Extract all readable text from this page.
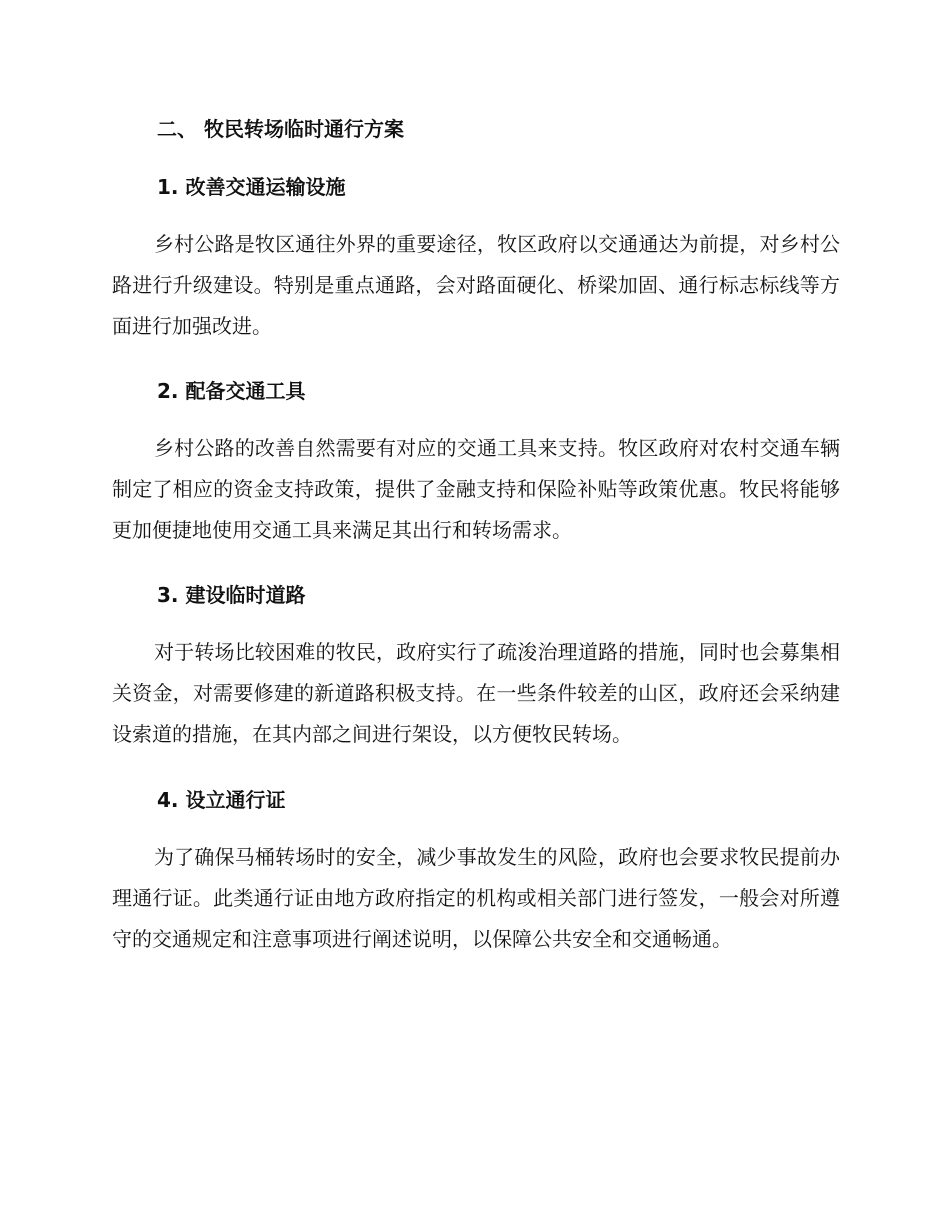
二、 牧民转场临时通行方案
1. 改善交通运输设施

乡村公路是牧区通往外界的重要途径，牧区政府以交通通达为前提，对乡村公路进行升级建设。特别是重点通路，会对路面硬化、桥梁加固、通行标志标线等方面进行加强改进。

2. 配备交通工具

乡村公路的改善自然需要有对应的交通工具来支持。牧区政府对农村交通车辆制定了相应的资金支持政策，提供了金融支持和保险补贴等政策优惠。牧民将能够更加便捷地使用交通工具来满足其出行和转场需求。

3. 建设临时道路

对于转场比较困难的牧民，政府实行了疏浚治理道路的措施，同时也会募集相关资金，对需要修建的新道路积极支持。在一些条件较差的山区，政府还会采纳建设索道的措施，在其内部之间进行架设，以方便牧民转场。

4. 设立通行证

为了确保马桶转场时的安全，减少事故发生的风险，政府也会要求牧民提前办理通行证。此类通行证由地方政府指定的机构或相关部门进行签发，一般会对所遵守的交通规定和注意事项进行阐述说明，以保障公共安全和交通畅通。
